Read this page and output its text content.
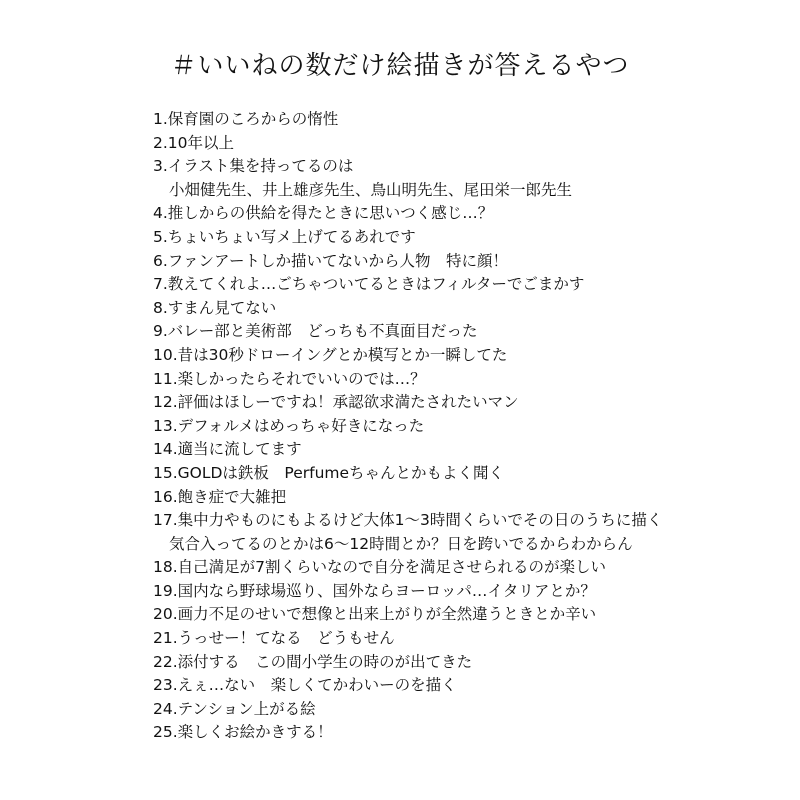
＃いいねの数だけ絵描きが答えるやつ
1.保育園のころからの惰性
2.10年以上
3.イラスト集を持ってるのは
小畑健先生、井上雄彦先生、鳥山明先生、尾田栄一郎先生
4.推しからの供給を得たときに思いつく感じ…？
5.ちょいちょい写メ上げてるあれです
6.ファンアートしか描いてないから人物　特に顔！
7.教えてくれよ…ごちゃついてるときはフィルターでごまかす
8.すまん見てない
9.バレー部と美術部　どっちも不真面目だった
10.昔は30秒ドローイングとか模写とか一瞬してた
11.楽しかったらそれでいいのでは…？
12.評価はほしーですね！承認欲求満たされたいマン
13.デフォルメはめっちゃ好きになった
14.適当に流してます
15.GOLDは鉄板　Perfumeちゃんとかもよく聞く
16.飽き症で大雑把
17.集中力やものにもよるけど大体1～3時間くらいでその日のうちに描く
気合入ってるのとかは6～12時間とか？日を跨いでるからわからん
18.自己満足が7割くらいなので自分を満足させられるのが楽しい
19.国内なら野球場巡り、国外ならヨーロッパ…イタリアとか？
20.画力不足のせいで想像と出来上がりが全然違うときとか辛い
21.うっせー！てなる　どうもせん
22.添付する　この間小学生の時のが出てきた
23.えぇ…ない　楽しくてかわいーのを描く
24.テンション上がる絵
25.楽しくお絵かきする！
